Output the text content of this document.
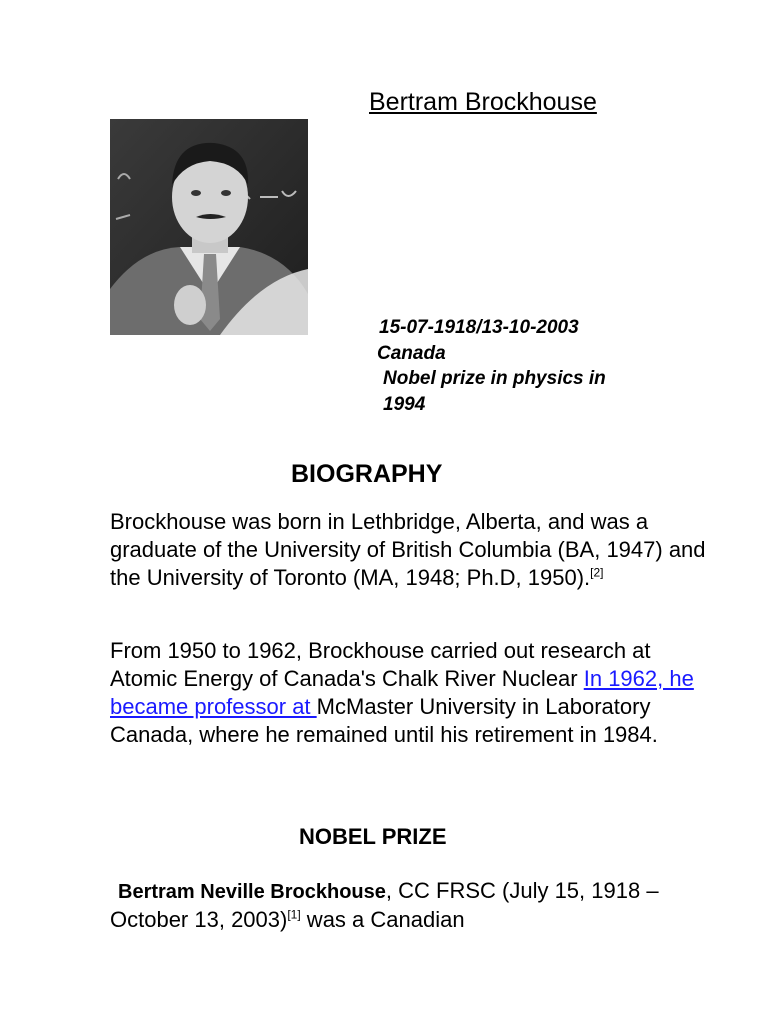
Bertram Brockhouse
15-07-1918/13-10-2003
Canada
Nobel prize in physics in
1994
BIOGRAPHY

Brockhouse was born in Lethbridge, Alberta, and was a graduate of the University of British Columbia (BA, 1947) and the University of Toronto (MA, 1948; Ph.D, 1950).[2]

From 1950 to 1962, Brockhouse carried out research at Atomic Energy of Canada's Chalk River Nuclear In 1962, he became professor at McMaster University in Laboratory Canada, where he remained until his retirement in 1984.

NOBEL PRIZE

Bertram Neville Brockhouse, CC FRSC (July 15, 1918 – October 13, 2003)[1] was a Canadian
